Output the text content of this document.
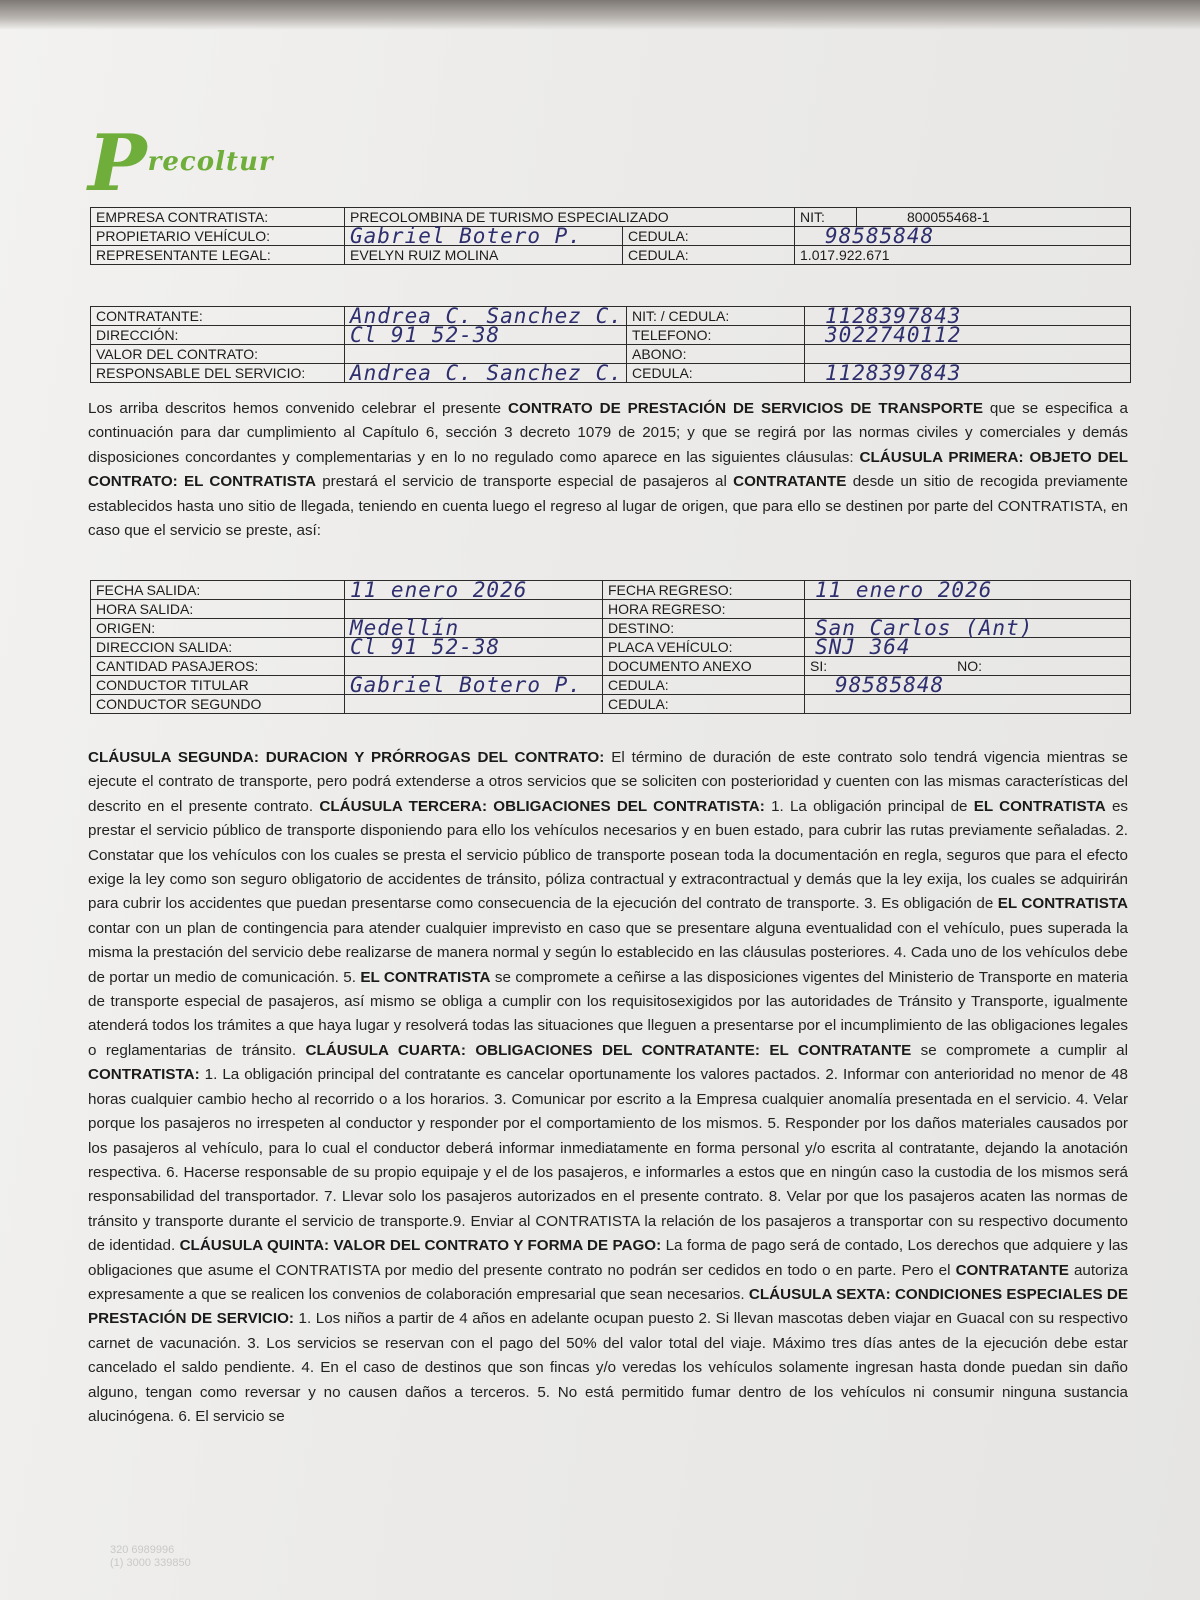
$P^{recoltur}$
EMPRESA CONTRATISTA:	PRECOLOMBINA DE TURISMO ESPECIALIZADO		NIT:	800055468-1
PROPIETARIO VEHÍCULO:	Gabriel Botero P.	CEDULA:	98585848	
REPRESENTANTE LEGAL:	EVELYN RUIZ MOLINA	CEDULA:	1.017.922.671	
CONTRATANTE:	Andrea C. Sanchez C.	NIT: / CEDULA:	1128397843
DIRECCIÓN:	Cl 91 52-38	TELEFONO:	3022740112
VALOR DEL CONTRATO:		ABONO:	
RESPONSABLE DEL SERVICIO:	Andrea C. Sanchez C.	CEDULA:	1128397843
Los arriba descritos hemos convenido celebrar el presente CONTRATO DE PRESTACIÓN DE SERVICIOS DE TRANSPORTE que se especifica a continuación para dar cumplimiento al Capítulo 6, sección 3 decreto 1079 de 2015; y que se regirá por las normas civiles y comerciales y demás disposiciones concordantes y complementarias y en lo no regulado como aparece en las siguientes cláusulas: CLÁUSULA PRIMERA: OBJETO DEL CONTRATO: EL CONTRATISTA prestará el servicio de transporte especial de pasajeros al CONTRATANTE desde un sitio de recogida previamente establecidos hasta uno sitio de llegada, teniendo en cuenta luego el regreso al lugar de origen, que para ello se destinen por parte del CONTRATISTA, en caso que el servicio se preste, así:
FECHA SALIDA:	11 enero 2026	FECHA REGRESO:	11 enero 2026
HORA SALIDA:		HORA REGRESO:	
ORIGEN:	Medellín	DESTINO:	San Carlos (Ant)
DIRECCION SALIDA:	Cl 91 52-38	PLACA VEHÍCULO:	SNJ 364
CANTIDAD PASAJEROS:		DOCUMENTO ANEXO	SI: NO:
CONDUCTOR TITULAR	Gabriel Botero P.	CEDULA:	98585848
CONDUCTOR SEGUNDO		CEDULA:	
CLÁUSULA SEGUNDA: DURACION Y PRÓRROGAS DEL CONTRATO: El término de duración de este contrato solo tendrá vigencia mientras se ejecute el contrato de transporte, pero podrá extenderse a otros servicios que se soliciten con posterioridad y cuenten con las mismas características del descrito en el presente contrato. CLÁUSULA TERCERA: OBLIGACIONES DEL CONTRATISTA: 1. La obligación principal de EL CONTRATISTA es prestar el servicio público de transporte disponiendo para ello los vehículos necesarios y en buen estado, para cubrir las rutas previamente señaladas. 2. Constatar que los vehículos con los cuales se presta el servicio público de transporte posean toda la documentación en regla, seguros que para el efecto exige la ley como son seguro obligatorio de accidentes de tránsito, póliza contractual y extracontractual y demás que la ley exija, los cuales se adquirirán para cubrir los accidentes que puedan presentarse como consecuencia de la ejecución del contrato de transporte. 3. Es obligación de EL CONTRATISTA contar con un plan de contingencia para atender cualquier imprevisto en caso que se presentare alguna eventualidad con el vehículo, pues superada la misma la prestación del servicio debe realizarse de manera normal y según lo establecido en las cláusulas posteriores. 4. Cada uno de los vehículos debe de portar un medio de comunicación. 5. EL CONTRATISTA se compromete a ceñirse a las disposiciones vigentes del Ministerio de Transporte en materia de transporte especial de pasajeros, así mismo se obliga a cumplir con los requisitosexigidos por las autoridades de Tránsito y Transporte, igualmente atenderá todos los trámites a que haya lugar y resolverá todas las situaciones que lleguen a presentarse por el incumplimiento de las obligaciones legales o reglamentarias de tránsito. CLÁUSULA CUARTA: OBLIGACIONES DEL CONTRATANTE: EL CONTRATANTE se compromete a cumplir al CONTRATISTA: 1. La obligación principal del contratante es cancelar oportunamente los valores pactados. 2. Informar con anterioridad no menor de 48 horas cualquier cambio hecho al recorrido o a los horarios. 3. Comunicar por escrito a la Empresa cualquier anomalía presentada en el servicio. 4. Velar porque los pasajeros no irrespeten al conductor y responder por el comportamiento de los mismos. 5. Responder por los daños materiales causados por los pasajeros al vehículo, para lo cual el conductor deberá informar inmediatamente en forma personal y/o escrita al contratante, dejando la anotación respectiva. 6. Hacerse responsable de su propio equipaje y el de los pasajeros, e informarles a estos que en ningún caso la custodia de los mismos será responsabilidad del transportador. 7. Llevar solo los pasajeros autorizados en el presente contrato. 8. Velar por que los pasajeros acaten las normas de tránsito y transporte durante el servicio de transporte.9. Enviar al CONTRATISTA la relación de los pasajeros a transportar con su respectivo documento de identidad. CLÁUSULA QUINTA: VALOR DEL CONTRATO Y FORMA DE PAGO: La forma de pago será de contado, Los derechos que adquiere y las obligaciones que asume el CONTRATISTA por medio del presente contrato no podrán ser cedidos en todo o en parte. Pero el CONTRATANTE autoriza expresamente a que se realicen los convenios de colaboración empresarial que sean necesarios. CLÁUSULA SEXTA: CONDICIONES ESPECIALES DE PRESTACIÓN DE SERVICIO: 1. Los niños a partir de 4 años en adelante ocupan puesto 2. Si llevan mascotas deben viajar en Guacal con su respectivo carnet de vacunación. 3. Los servicios se reservan con el pago del 50% del valor total del viaje. Máximo tres días antes de la ejecución debe estar cancelado el saldo pendiente. 4. En el caso de destinos que son fincas y/o veredas los vehículos solamente ingresan hasta donde puedan sin daño alguno, tengan como reversar y no causen daños a terceros. 5. No está permitido fumar dentro de los vehículos ni consumir ninguna sustancia alucinógena. 6. El servicio se
320 6989996
(1) 3000 339850
